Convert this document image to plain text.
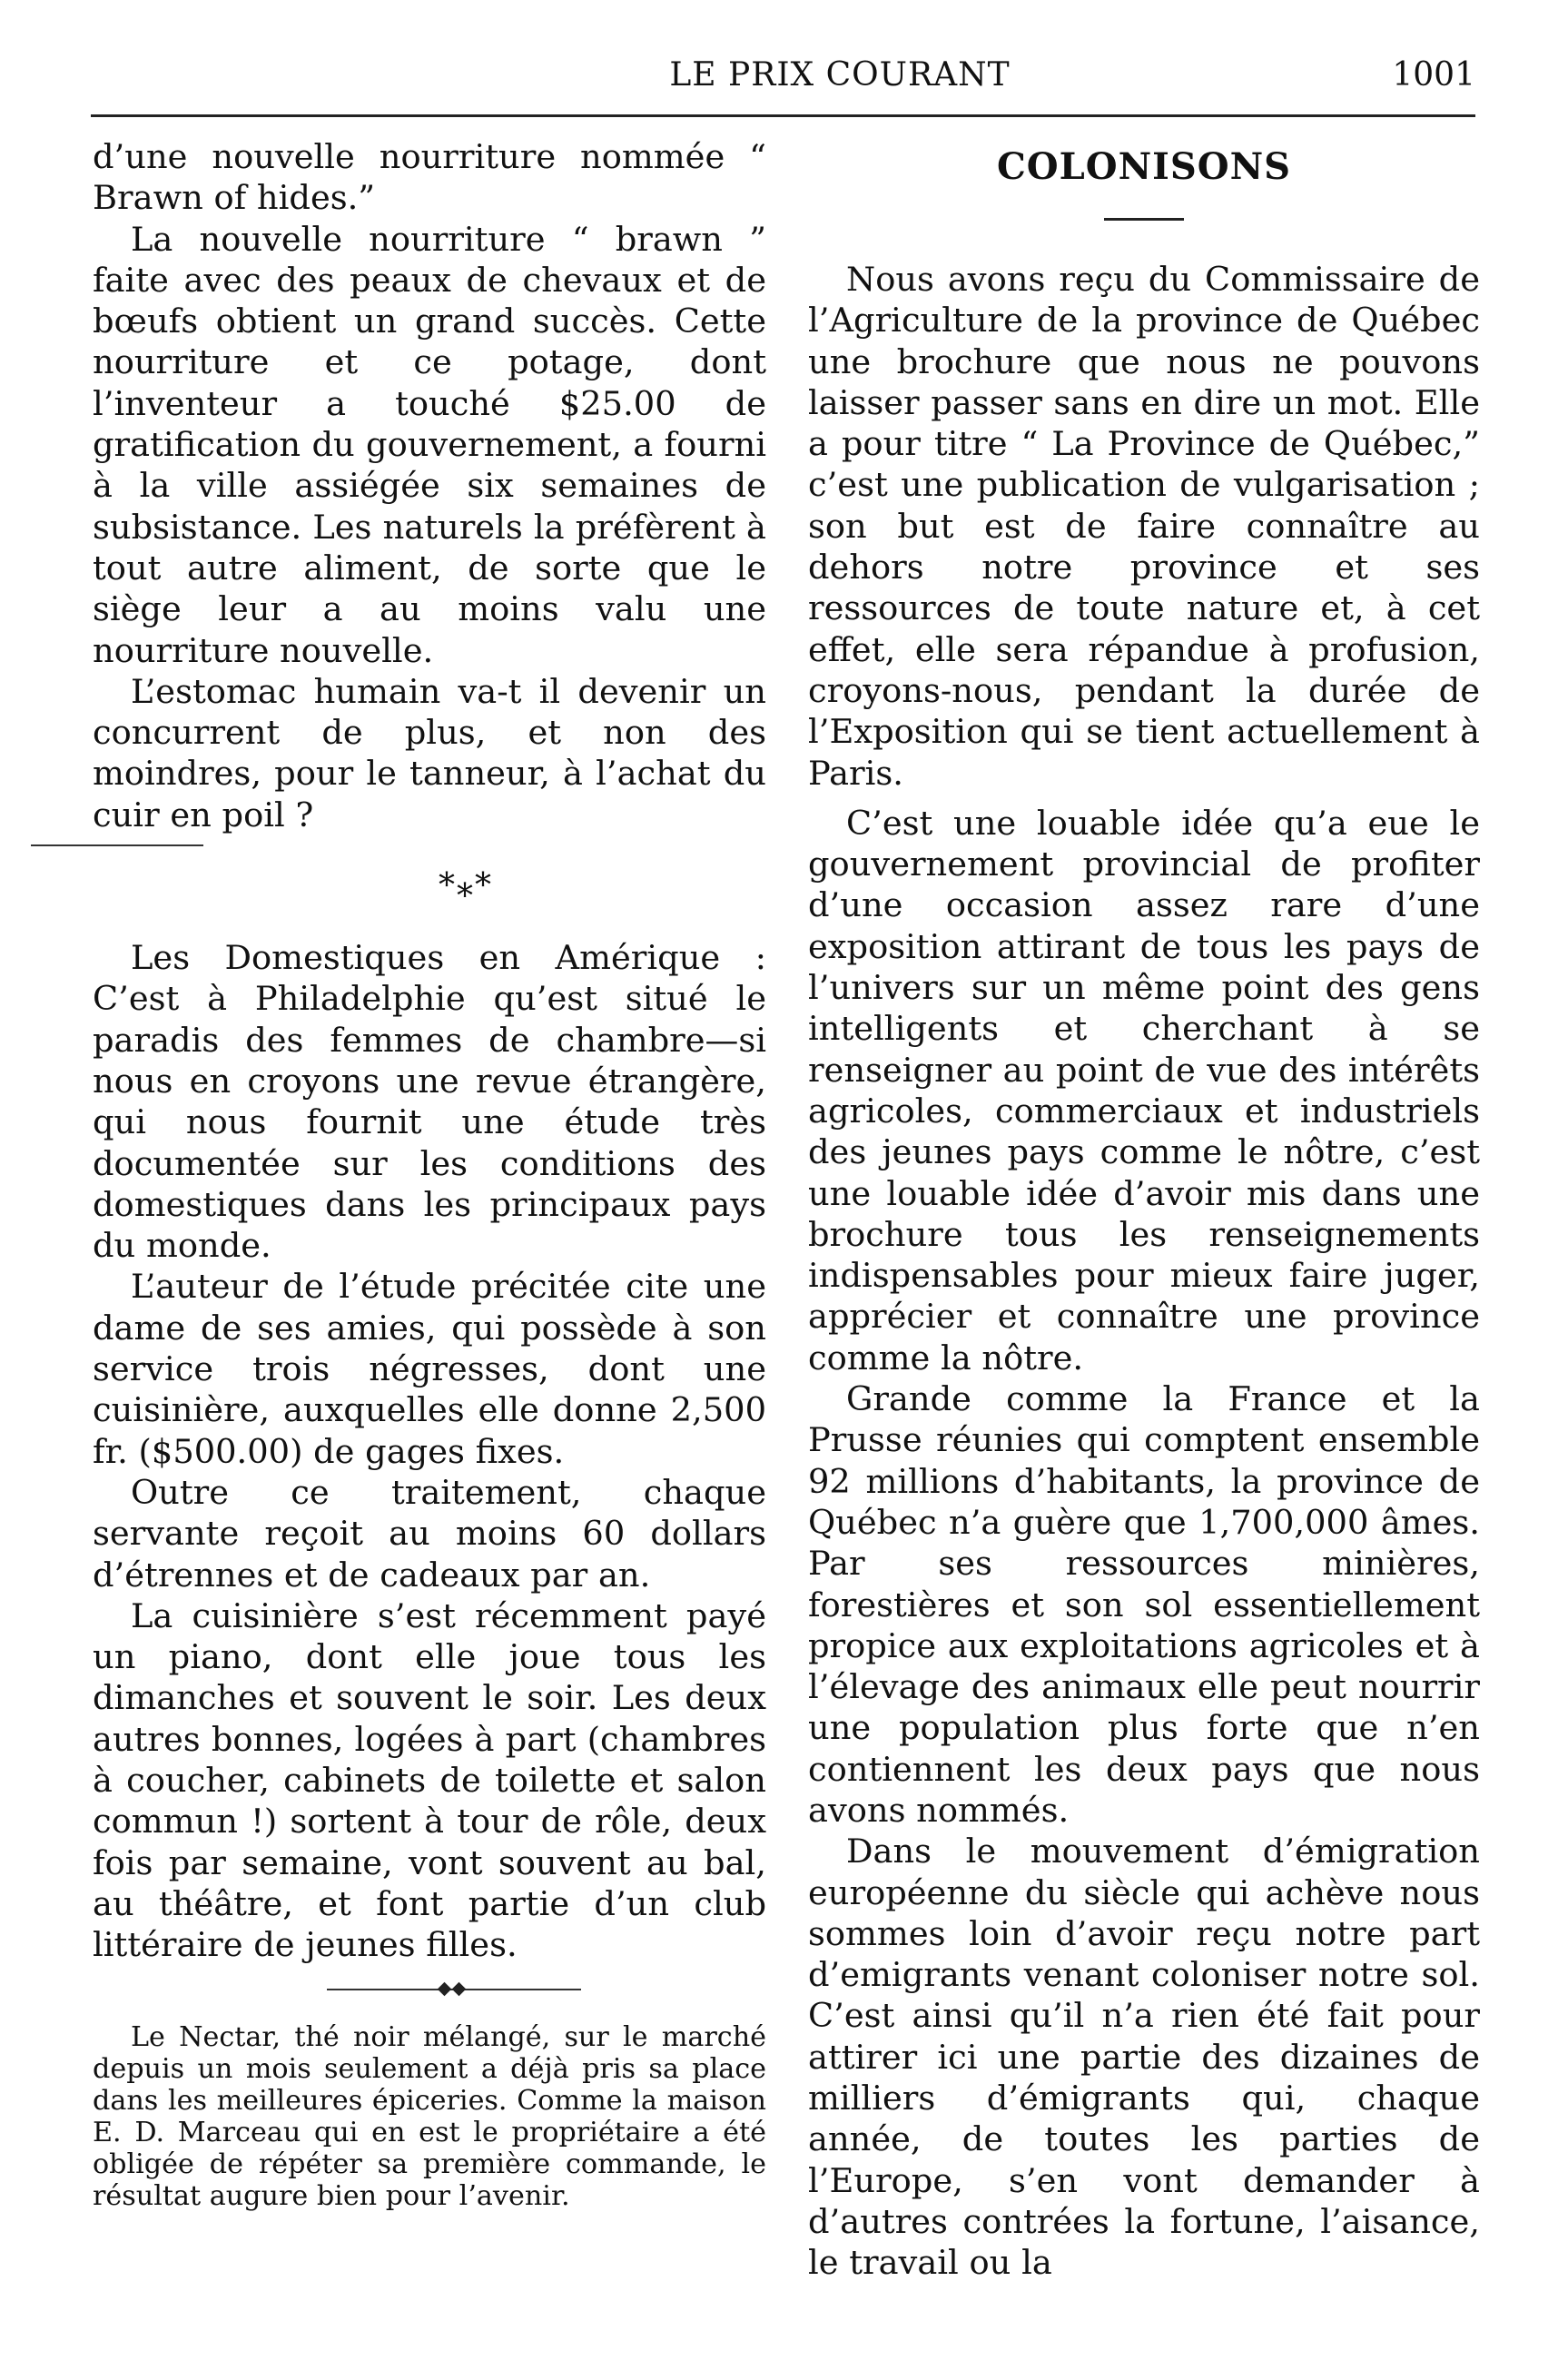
LE PRIX COURANT	1001

d’une nouvelle nourriture nommée “ Brawn of hides.”

La nouvelle nourriture “ brawn ” faite avec des peaux de chevaux et de bœufs obtient un grand succès. Cette nourriture et ce potage, dont l’inventeur a touché $25.00 de gratification du gouvernement, a fourni à la ville assiégée six semaines de subsistance. Les naturels la préfèrent à tout autre aliment, de sorte que le siège leur a au moins valu une nourriture nouvelle.

L’estomac humain va-t il devenir un concurrent de plus, et non des moindres, pour le tanneur, à l’achat du cuir en poil ?

*⁎*

Les Domestiques en Amérique : C’est à Philadelphie qu’est situé le paradis des femmes de chambre—si nous en croyons une revue étrangère, qui nous fournit une étude très documentée sur les conditions des domestiques dans les principaux pays du monde.

L’auteur de l’étude précitée cite une dame de ses amies, qui possède à son service trois négresses, dont une cuisinière, auxquelles elle donne 2,500 fr. ($500.00) de gages fixes.

Outre ce traitement, chaque servante reçoit au moins 60 dollars d’étrennes et de cadeaux par an.

La cuisinière s’est récemment payé un piano, dont elle joue tous les dimanches et souvent le soir. Les deux autres bonnes, logées à part (chambres à coucher, cabinets de toilette et salon commun !) sortent à tour de rôle, deux fois par semaine, vont souvent au bal, au théâtre, et font partie d’un club littéraire de jeunes filles.

Le Nectar, thé noir mélangé, sur le marché depuis un mois seulement a déjà pris sa place dans les meilleures épiceries. Comme la maison E. D. Marceau qui en est le propriétaire a été obligée de répéter sa première commande, le résultat augure bien pour l’avenir.

COLONISONS

Nous avons reçu du Commissaire de l’Agriculture de la province de Québec une brochure que nous ne pouvons laisser passer sans en dire un mot. Elle a pour titre “ La Province de Québec,” c’est une publication de vulgarisation ; son but est de faire connaître au dehors notre province et ses ressources de toute nature et, à cet effet, elle sera répandue à profusion, croyons-nous, pendant la durée de l’Exposition qui se tient actuellement à Paris.

C’est une louable idée qu’a eue le gouvernement provincial de profiter d’une occasion assez rare d’une exposition attirant de tous les pays de l’univers sur un même point des gens intelligents et cherchant à se renseigner au point de vue des intérêts agricoles, commerciaux et industriels des jeunes pays comme le nôtre, c’est une louable idée d’avoir mis dans une brochure tous les renseignements indispensables pour mieux faire juger, apprécier et connaître une province comme la nôtre.

Grande comme la France et la Prusse réunies qui comptent ensemble 92 millions d’habitants, la province de Québec n’a guère que 1,700,000 âmes. Par ses ressources minières, forestières et son sol essentiellement propice aux exploitations agricoles et à l’élevage des animaux elle peut nourrir une population plus forte que n’en contiennent les deux pays que nous avons nommés.

Dans le mouvement d’émigration européenne du siècle qui achève nous sommes loin d’avoir reçu notre part d’emigrants venant coloniser notre sol. C’est ainsi qu’il n’a rien été fait pour attirer ici une partie des dizaines de milliers d’émigrants qui, chaque année, de toutes les parties de l’Europe, s’en vont demander à d’autres contrées la fortune, l’aisance, le travail ou la
